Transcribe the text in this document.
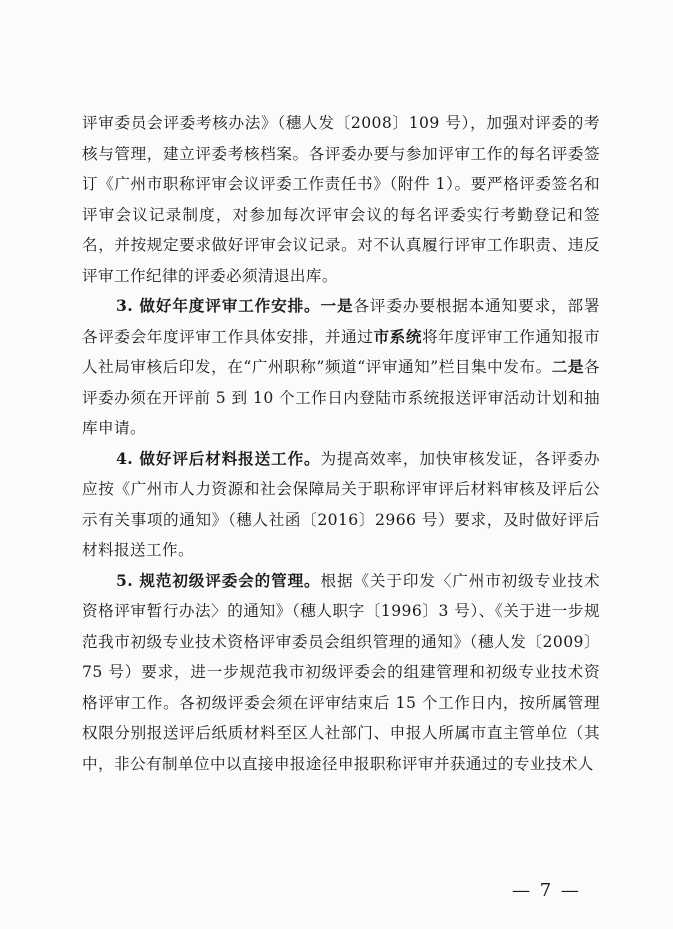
评审委员会评委考核办法》（穗人发〔2008〕109 号），加强对评委的考核与管理，建立评委考核档案。各评委办要与参加评审工作的每名评委签订《广州市职称评审会议评委工作责任书》（附件 1）。要严格评委签名和评审会议记录制度，对参加每次评审会议的每名评委实行考勤登记和签名，并按规定要求做好评审会议记录。对不认真履行评审工作职责、违反评审工作纪律的评委必须清退出库。

3. 做好年度评审工作安排。一是各评委办要根据本通知要求，部署各评委会年度评审工作具体安排，并通过市系统将年度评审工作通知报市人社局审核后印发，在“广州职称”频道“评审通知”栏目集中发布。二是各评委办须在开评前 5 到 10 个工作日内登陆市系统报送评审活动计划和抽库申请。

4. 做好评后材料报送工作。为提高效率，加快审核发证，各评委办应按《广州市人力资源和社会保障局关于职称评审评后材料审核及评后公示有关事项的通知》（穗人社函〔2016〕2966 号）要求，及时做好评后材料报送工作。

5. 规范初级评委会的管理。根据《关于印发〈广州市初级专业技术资格评审暂行办法〉的通知》（穗人职字〔1996〕3 号）、《关于进一步规范我市初级专业技术资格评审委员会组织管理的通知》（穗人发〔2009〕75 号）要求，进一步规范我市初级评委会的组建管理和初级专业技术资格评审工作。各初级评委会须在评审结束后 15 个工作日内，按所属管理权限分别报送评后纸质材料至区人社部门、申报人所属市直主管单位（其中，非公有制单位中以直接申报途径申报职称评审并获通过的专业技术人

— 7 —
